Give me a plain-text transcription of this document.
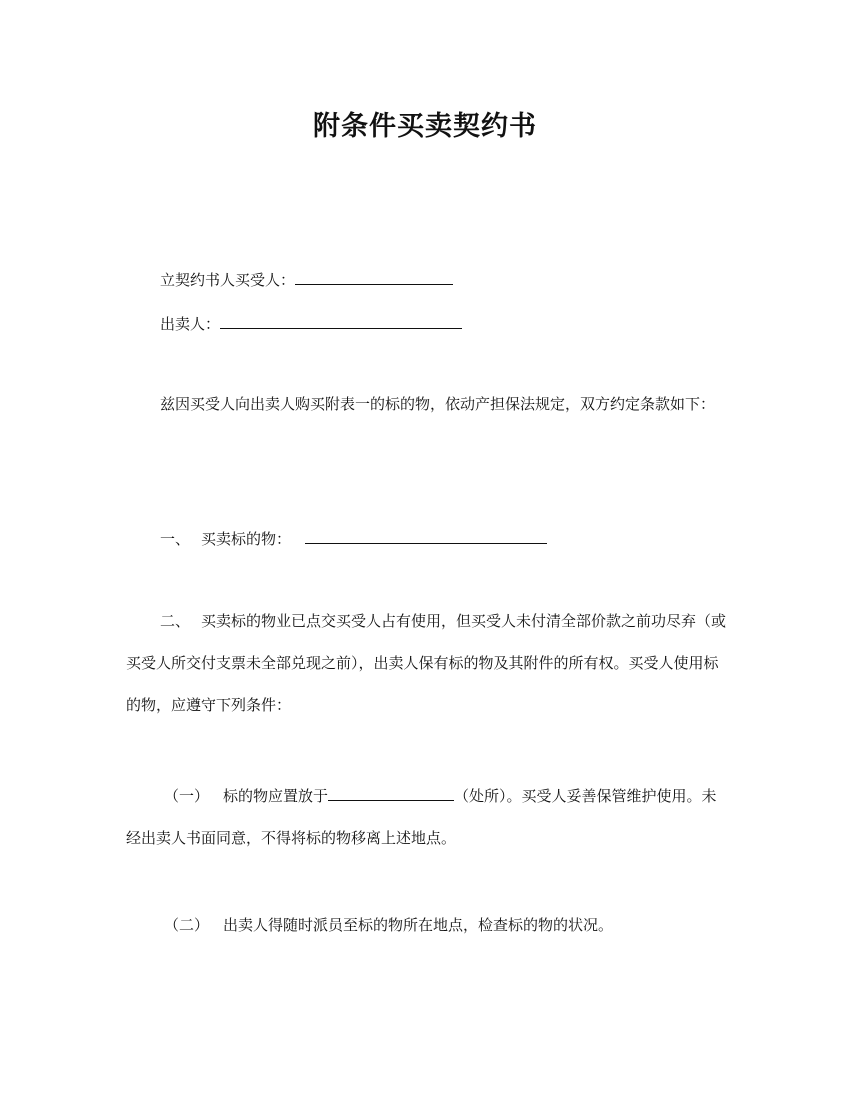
附条件买卖契约书
立契约书人买受人：
出卖人：

兹因买受人向出卖人购买附表一的标的物，依动产担保法规定，双方约定条款如下：

一、 买卖标的物：

二、 买卖标的物业已点交买受人占有使用，但买受人未付清全部价款之前功尽弃（或买受人所交付支票未全部兑现之前），出卖人保有标的物及其附件的所有权。买受人使用标的物，应遵守下列条件：

（一） 标的物应置放于	（处所）。买受人妥善保管维护使用。未经出卖人书面同意，不得将标的物移离上述地点。

（二） 出卖人得随时派员至标的物所在地点，检查标的物的状况。
